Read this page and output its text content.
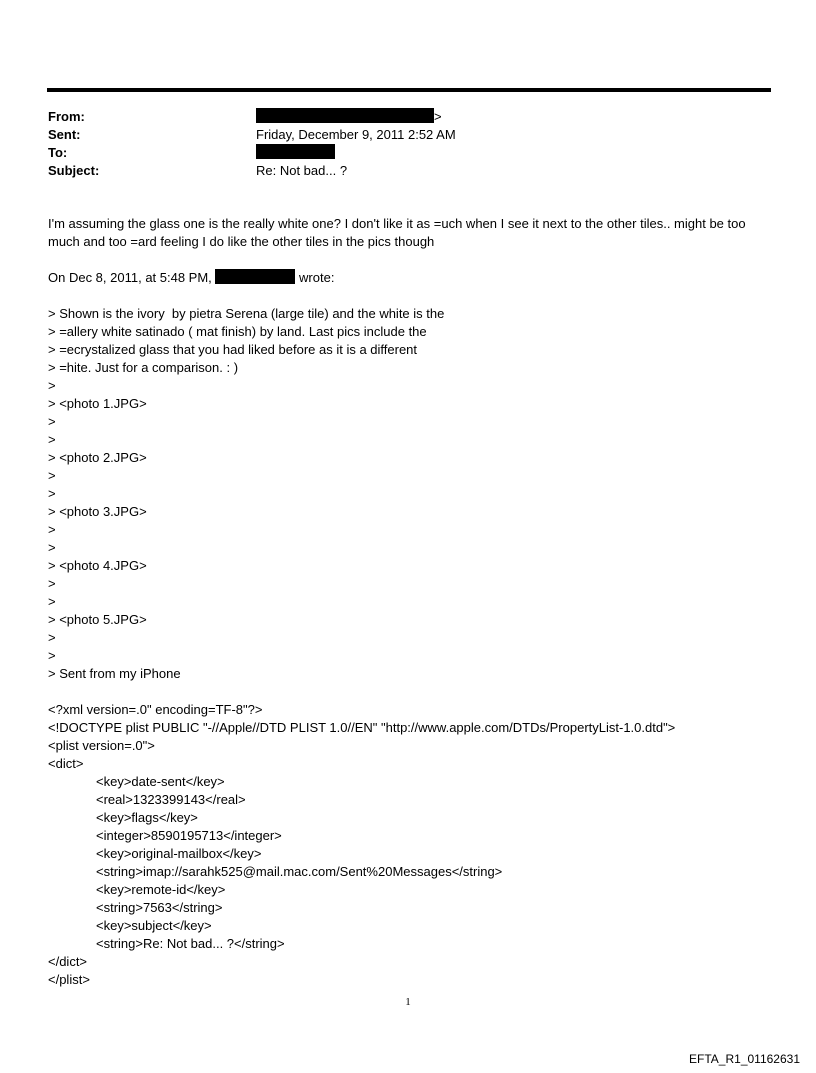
From:	>
Sent:	Friday, December 9, 2011 2:52 AM
To:
Subject:	Re: Not bad... ?

I'm assuming the glass one is the really white one? I don't like it as =uch when I see it next to the other tiles.. might be too much and too =ard feeling I do like the other tiles in the pics though

On Dec 8, 2011, at 5:48 PM,	wrote:
> Shown is the ivory  by pietra Serena (large tile) and the white is the
> =allery white satinado ( mat finish) by land. Last pics include the
> =ecrystalized glass that you had liked before as it is a different
> =hite. Just for a comparison. : )
>
> <photo 1.JPG>
>
>
> <photo 2.JPG>
>
>
> <photo 3.JPG>
>
>
> <photo 4.JPG>
>
>
> <photo 5.JPG>
>
>
> Sent from my iPhone
<?xml version=.0" encoding=TF-8"?>
<!DOCTYPE plist PUBLIC "-//Apple//DTD PLIST 1.0//EN" "http://www.apple.com/DTDs/PropertyList-1.0.dtd">
<plist version=.0">
<dict>
<key>date-sent</key>
<real>1323399143</real>
<key>flags</key>
<integer>8590195713</integer>
<key>original-mailbox</key>
<string>imap://sarahk525@mail.mac.com/Sent%20Messages</string>
<key>remote-id</key>
<string>7563</string>
<key>subject</key>
<string>Re: Not bad... ?</string>
</dict>
</plist>
1
EFTA_R1_01162631
